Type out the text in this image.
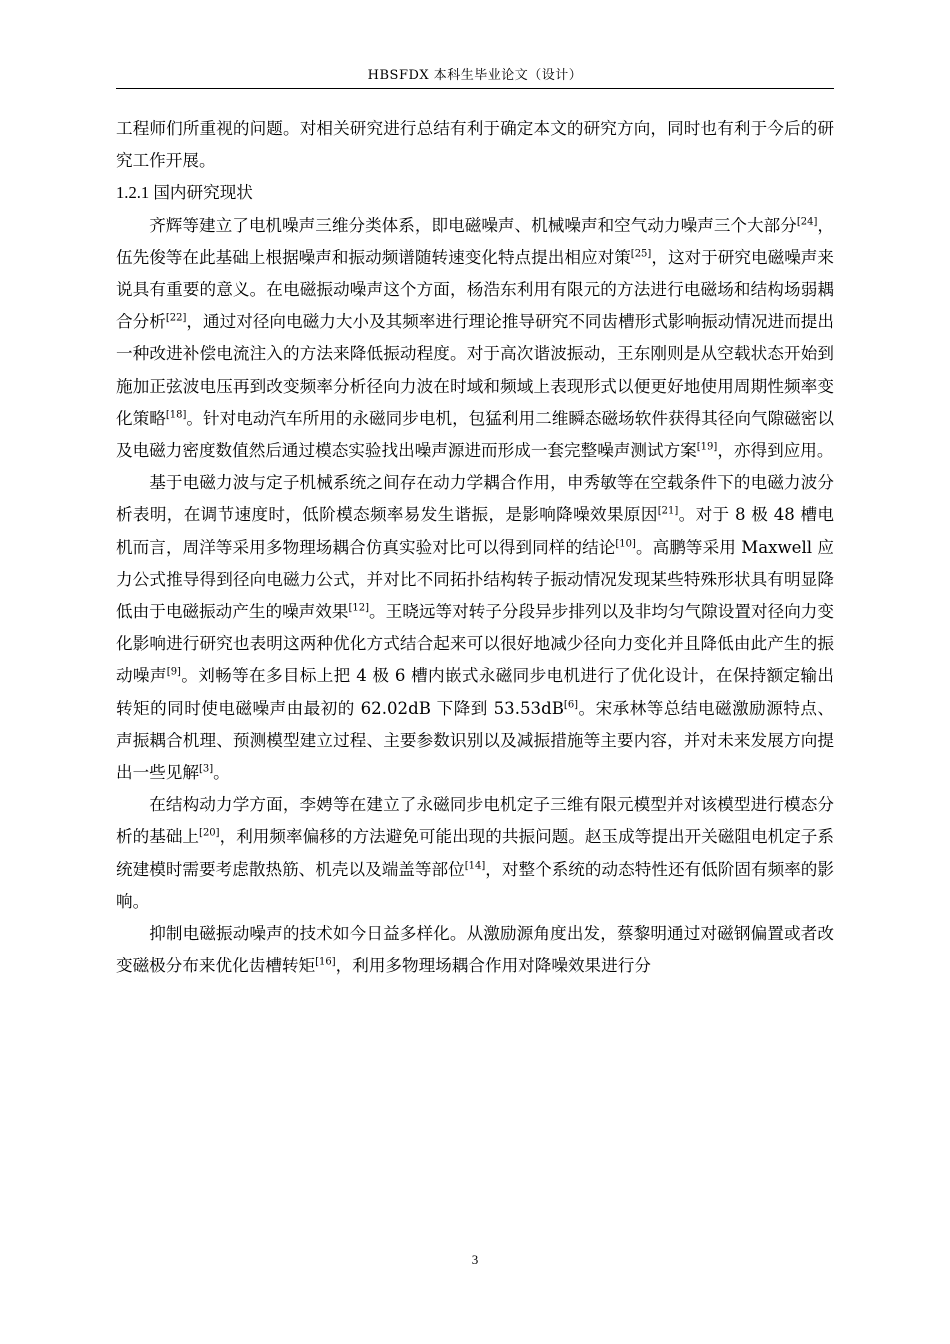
HBSFDX 本科生毕业论文（设计）

工程师们所重视的问题。对相关研究进行总结有利于确定本文的研究方向，同时也有利于今后的研究工作开展。

1.2.1 国内研究现状

齐辉等建立了电机噪声三维分类体系，即电磁噪声、机械噪声和空气动力噪声三个大部分[24]，伍先俊等在此基础上根据噪声和振动频谱随转速变化特点提出相应对策[25]，这对于研究电磁噪声来说具有重要的意义。在电磁振动噪声这个方面，杨浩东利用有限元的方法进行电磁场和结构场弱耦合分析[22]，通过对径向电磁力大小及其频率进行理论推导研究不同齿槽形式影响振动情况进而提出一种改进补偿电流注入的方法来降低振动程度。对于高次谐波振动，王东刚则是从空载状态开始到施加正弦波电压再到改变频率分析径向力波在时域和频域上表现形式以便更好地使用周期性频率变化策略[18]。针对电动汽车所用的永磁同步电机，包猛利用二维瞬态磁场软件获得其径向气隙磁密以及电磁力密度数值然后通过模态实验找出噪声源进而形成一套完整噪声测试方案[19]，亦得到应用。

基于电磁力波与定子机械系统之间存在动力学耦合作用，申秀敏等在空载条件下的电磁力波分析表明，在调节速度时，低阶模态频率易发生谐振，是影响降噪效果原因[21]。对于 8 极 48 槽电机而言，周洋等采用多物理场耦合仿真实验对比可以得到同样的结论[10]。高鹏等采用 Maxwell 应力公式推导得到径向电磁力公式，并对比不同拓扑结构转子振动情况发现某些特殊形状具有明显降低由于电磁振动产生的噪声效果[12]。王晓远等对转子分段异步排列以及非均匀气隙设置对径向力变化影响进行研究也表明这两种优化方式结合起来可以很好地减少径向力变化并且降低由此产生的振动噪声[9]。刘畅等在多目标上把 4 极 6 槽内嵌式永磁同步电机进行了优化设计，在保持额定输出转矩的同时使电磁噪声由最初的 62.02dB 下降到 53.53dB[6]。宋承林等总结电磁激励源特点、声振耦合机理、预测模型建立过程、主要参数识别以及减振措施等主要内容，并对未来发展方向提出一些见解[3]。

在结构动力学方面，李娉等在建立了永磁同步电机定子三维有限元模型并对该模型进行模态分析的基础上[20]，利用频率偏移的方法避免可能出现的共振问题。赵玉成等提出开关磁阻电机定子系统建模时需要考虑散热筋、机壳以及端盖等部位[14]，对整个系统的动态特性还有低阶固有频率的影响。

抑制电磁振动噪声的技术如今日益多样化。从激励源角度出发，蔡黎明通过对磁钢偏置或者改变磁极分布来优化齿槽转矩[16]，利用多物理场耦合作用对降噪效果进行分

3
